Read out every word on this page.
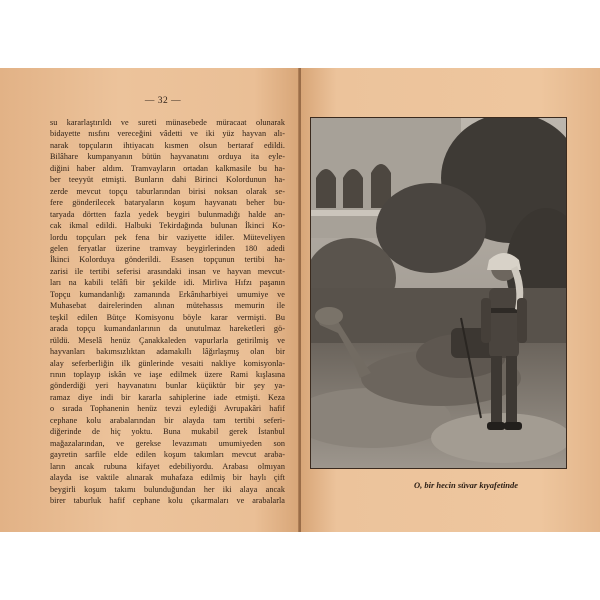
— 32 —
su kararlaştırıldı ve sureti münasebede müracaat olunarak
bidayette nısfını vereceğini vâdetti ve iki yüz hayvan alı-
narak topçuların ihtiyacatı kısmen olsun bertaraf edildi.
Bilâhare kumpanyanın bütün hayvanatını orduya ita eyle-
diğini haber aldım. Tramvayların ortadan kalkmasile bu ha-
ber teeyyüt etmişti. Bunların dahi Birinci Kolordunun ha-
zerde mevcut topçu taburlarından birisi noksan olarak se-
fere gönderilecek bataryaların koşum hayvanatı beher bu-
taryada dörtten fazla yedek beygiri bulunmadığı halde an-
cak ikmal edildi. Halbuki Tekirdağında bulunan İkinci Ko-
lordu topçuları pek fena bir vaziyette idiler. Müteveliyen
gelen feryatlar üzerine tramvay beygirlerinden 180 adedi
İkinci Kolorduya gönderildi. Esasen topçunun tertibi ha-
zarisi ile tertibi seferisi arasındaki insan ve hayvan mevcut-
ları na kabili telâfi bir şekilde idi. Mirliva Hıfzı paşanın
Topçu kumandanlığı zamanında Erkânıharbiyei umumiye ve
Muhasebat dairelerinden alınan mütehassıs memurin ile
teşkil edilen Bütçe Komisyonu böyle karar vermişti. Bu
arada topçu kumandanlarının da unutulmaz hareketleri gö-
rüldü. Meselâ henüz Çanakkaleden vapurlarla getirilmiş ve
hayvanları bakımsızlıktan adamakıllı lâğırlaşmış olan bir
alay seferberliğin ilk günlerinde vesaiti nakliye komisyonla-
rının toplayıp iskân ve iaşe edilmek üzere Rami kışlasına
gönderdiği yeri hayvanatını bunlar küçüktür bir şey ya-
ramaz diye indi bir kararla sahiplerine iade etmişti. Keza
o sırada Tophanenin henüz tevzi eylediği Avrupakâri hafif
cephane kolu arabalarından bir alayda tam tertibi seferi-
diğerinde de hiç yoktu. Buna mukabil gerek İstanbul
mağazalarından, ve gerekse levazımatı umumiyeden son
gayretin sarfile elde edilen koşum takımları mevcut araba-
ların ancak rubuna kifayet edebiliyordu. Arabası olmıyan
alayda ise vaktile alınarak muhafaza edilmiş bir haylı çift
beygirli koşum takımı bulunduğundan her iki alaya ancak
birer taburluk hafif cephane kolu çıkarmaları ve arabalarla
O, bir hecin süvar kıyafetinde
